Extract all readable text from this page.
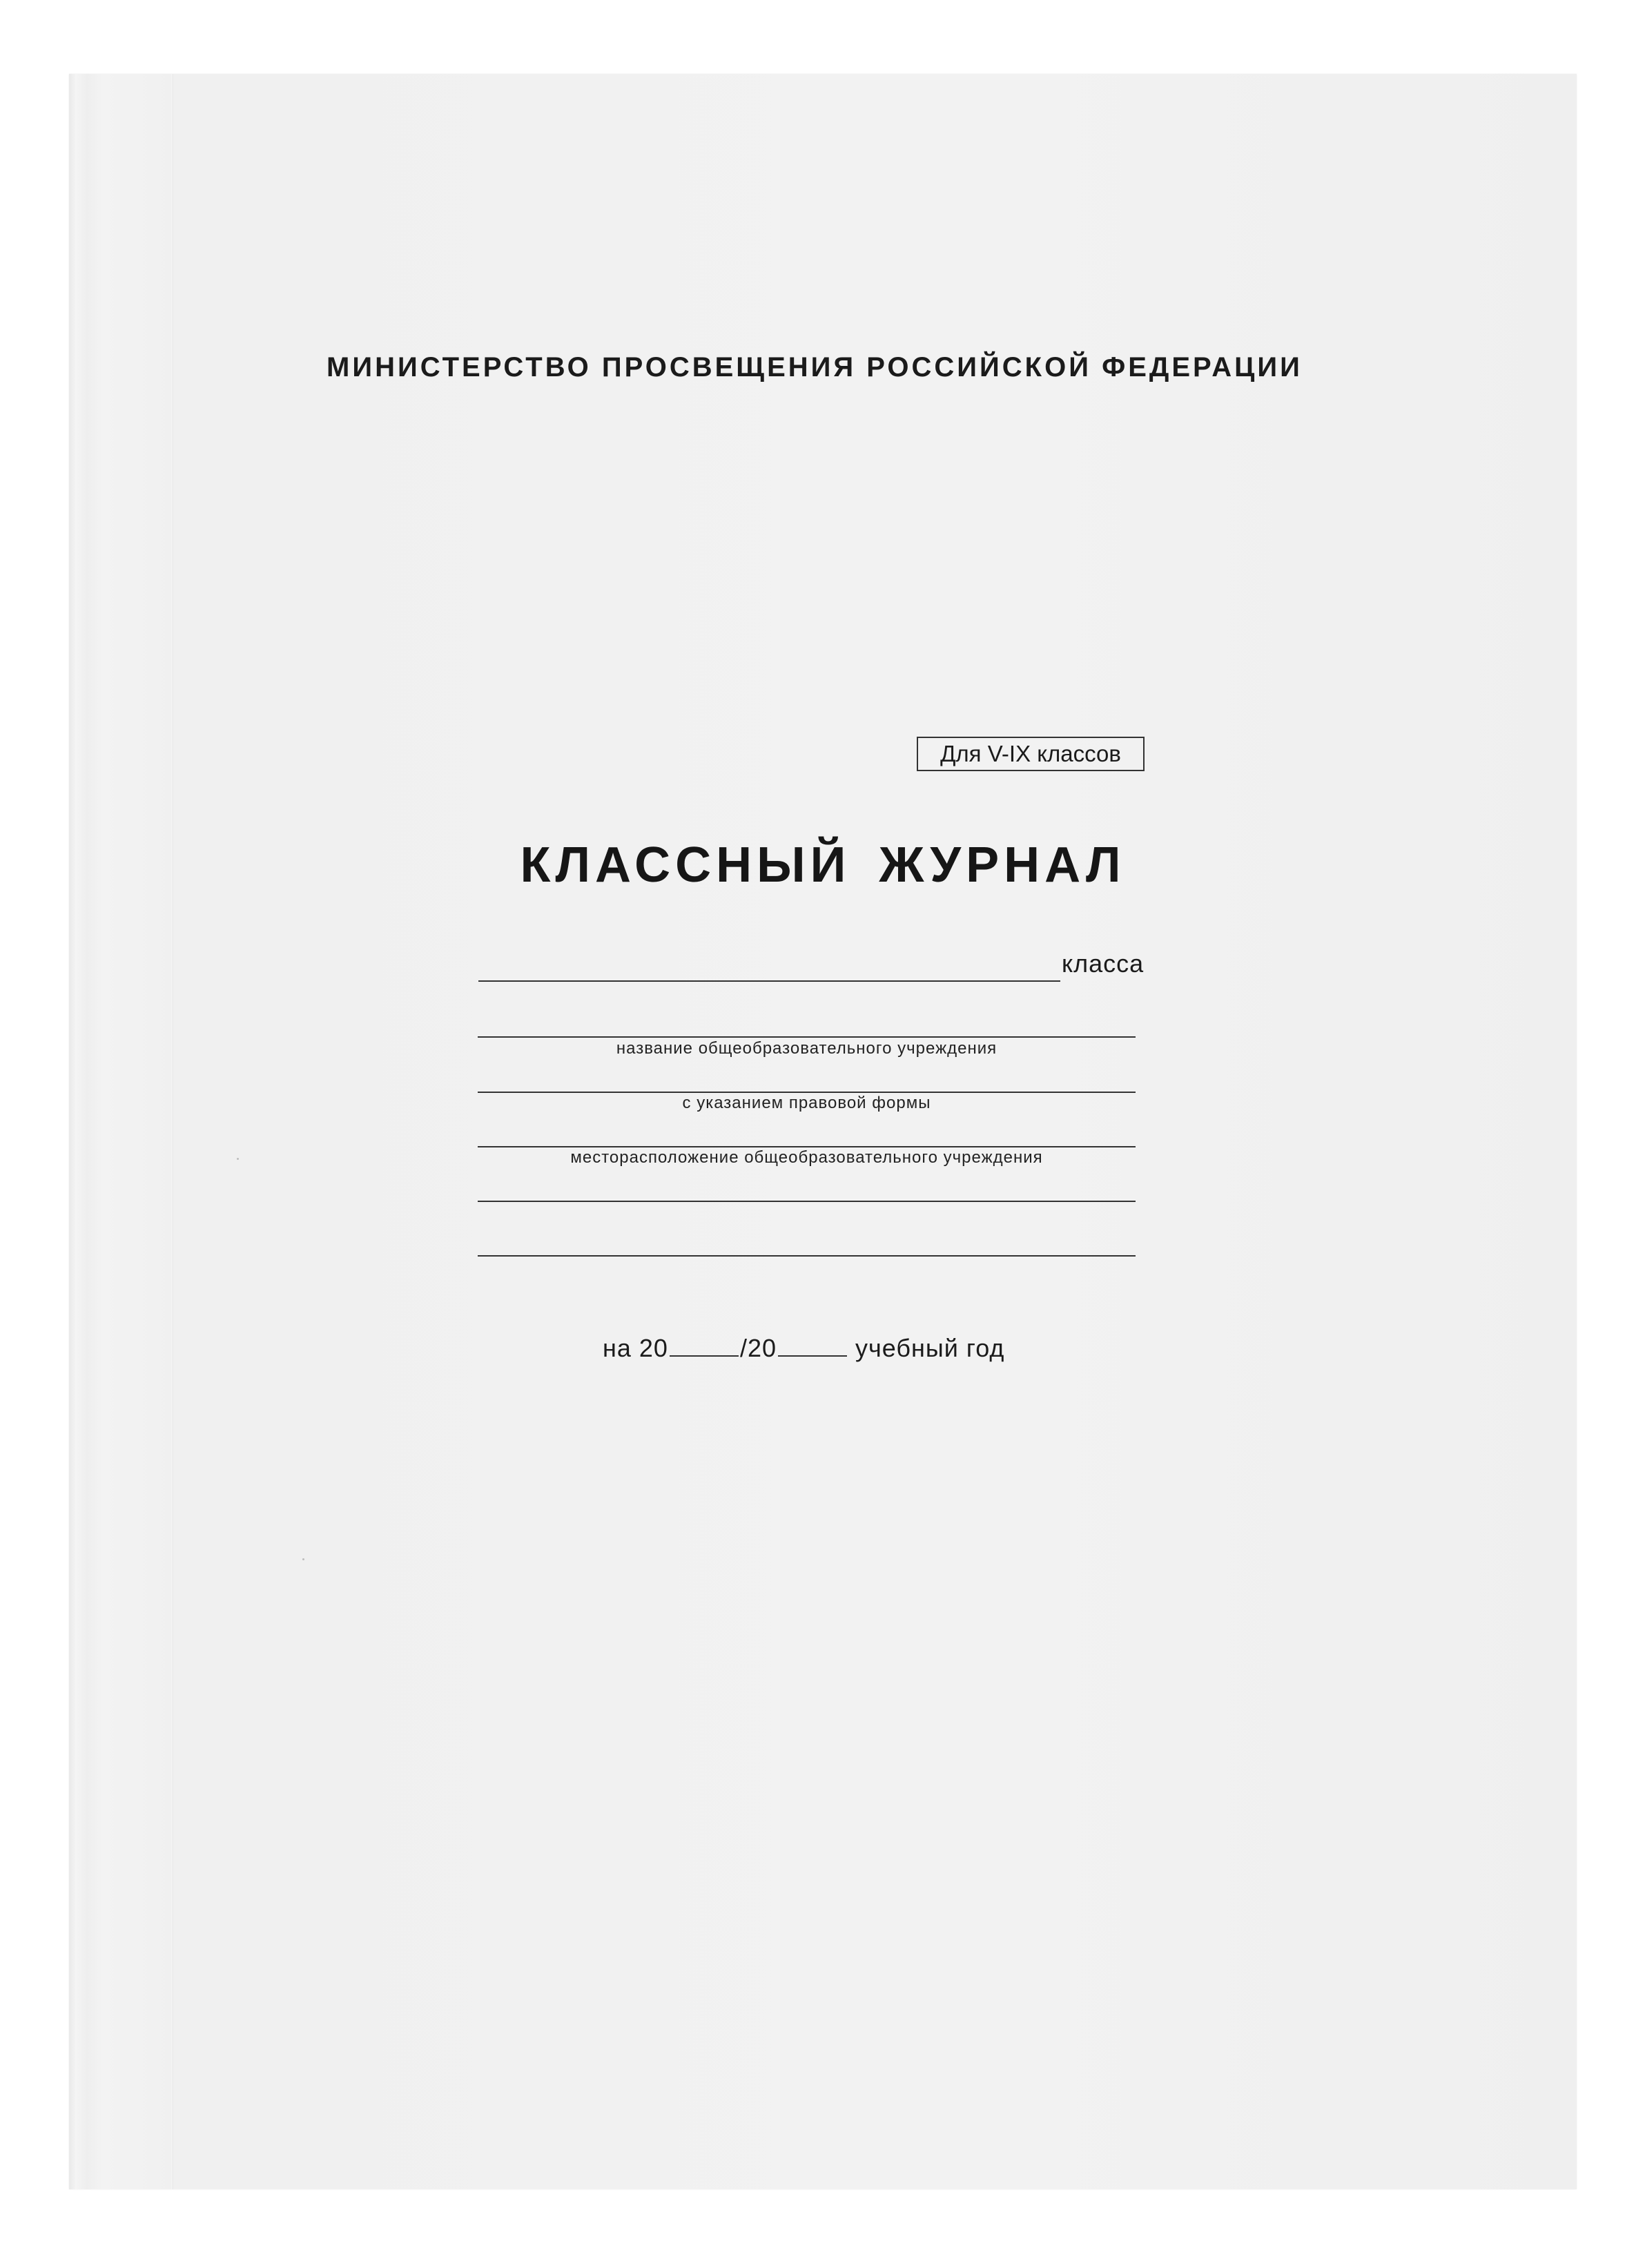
МИНИСТЕРСТВО ПРОСВЕЩЕНИЯ РОССИЙСКОЙ ФЕДЕРАЦИИ
Для V-IX классов
КЛАССНЫЙ ЖУРНАЛ
класса
название общеобразовательного учреждения
с указанием правовой формы
месторасположение общеобразовательного учреждения
на 20	/20	учебный год
